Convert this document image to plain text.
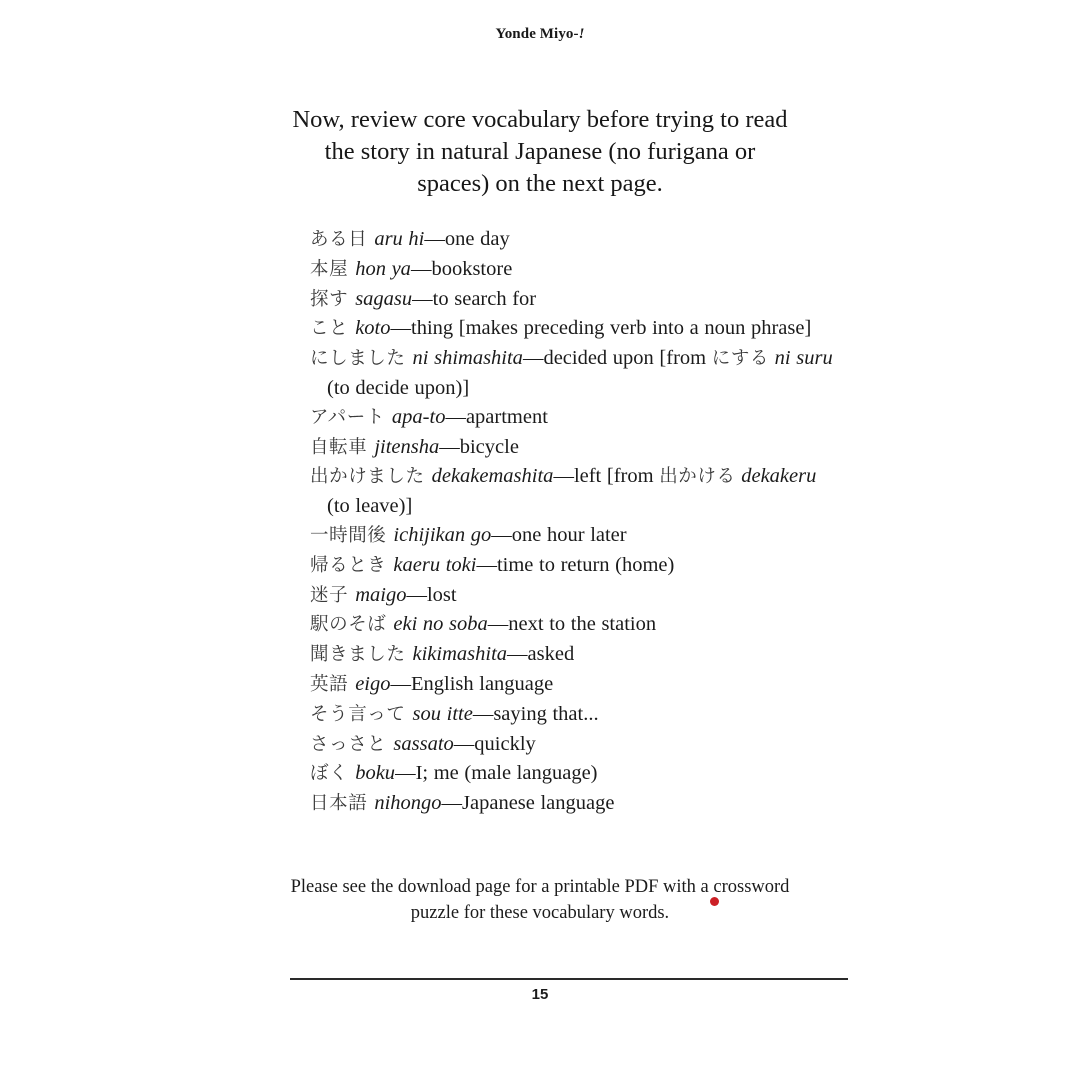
Yonde Miyo-!

Now, review core vocabulary before trying to read the story in natural Japanese (no furigana or spaces) on the next page.

ある日 aru hi—one day
本屋 hon ya—bookstore
探す sagasu—to search for
こと koto—thing [makes preceding verb into a noun phrase]
にしました ni shimashita—decided upon [from にする ni suru (to decide upon)]
アパート apa-to—apartment
自転車 jitensha—bicycle
出かけました dekakemashita—left [from 出かける dekakeru (to leave)]
一時間後 ichijikan go—one hour later
帰るとき kaeru toki—time to return (home)
迷子 maigo—lost
駅のそば eki no soba—next to the station
聞きました kikimashita—asked
英語 eigo—English language
そう言って sou itte—saying that...
さっさと sassato—quickly
ぼく boku—I; me (male language)
日本語 nihongo—Japanese language

Please see the download page for a printable PDF with a crossword puzzle for these vocabulary words.

15
